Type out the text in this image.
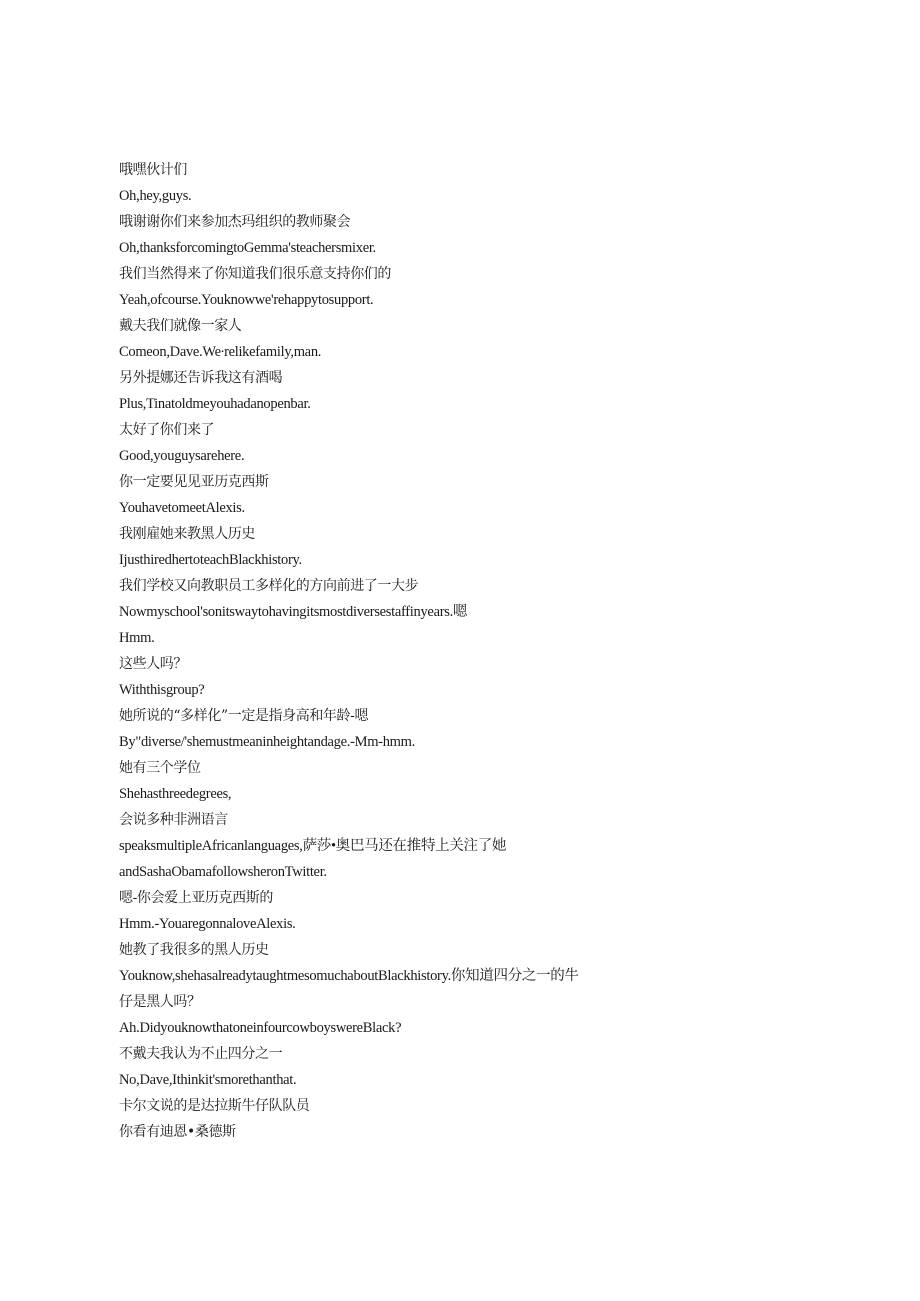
哦嘿伙计们
Oh,hey,guys.
哦谢谢你们来参加杰玛组织的教师聚会
Oh,thanksforcomingtoGemma'steachersmixer.
我们当然得来了你知道我们很乐意支持你们的
Yeah,ofcourse.Youknowwe'rehappytosupport.
戴夫我们就像一家人
Comeon,Dave.We∙relikefamily,man.
另外提娜还告诉我这有酒喝
Plus,Tinatoldmeyouhadanopenbar.
太好了你们来了
Good,youguysarehere.
你一定要见见亚历克西斯
YouhavetomeetAlexis.
我刚雇她来教黑人历史
IjusthiredhertoteachBlackhistory.
我们学校又向教职员工多样化的方向前进了一大步
Nowmyschool'sonitswaytohavingitsmostdiversestaffinyears.嗯
Hmm.
这些人吗？
Withthisgroup?
她所说的“多样化”一定是指身高和年龄-嗯
By"diverse/'shemustmeaninheightandage.-Mm-hmm.
她有三个学位
Shehasthreedegrees,
会说多种非洲语言
speaksmultipleAfricanlanguages,萨莎•奥巴马还在推特上关注了她
andSashaObamafollowsheronTwitter.
嗯-你会爱上亚历克西斯的
Hmm.-YouaregonnaloveAlexis.
她教了我很多的黑人历史
Youknow,shehasalreadytaughtmesomuchaboutBlackhistory.你知道四分之一的牛
仔是黑人吗？
Ah.DidyouknowthatoneinfourcowboyswereBlack?
不戴夫我认为不止四分之一
No,Dave,Ithinkit'smorethanthat.
卡尔文说的是达拉斯牛仔队队员
你看有迪恩•桑德斯
